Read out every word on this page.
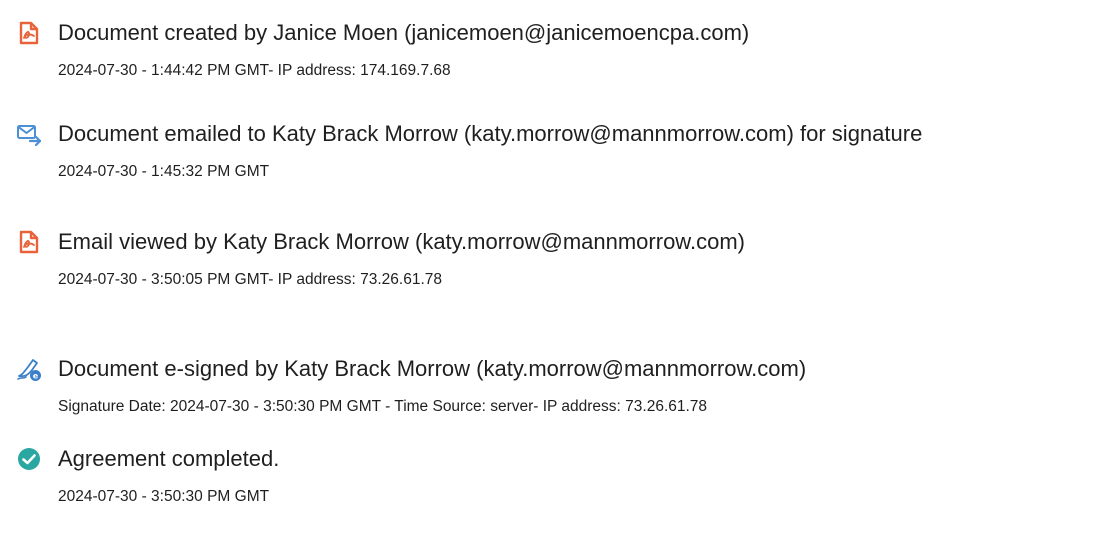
Document created by Janice Moen (janicemoen@janicemoencpa.com)
2024-07-30 - 1:44:42 PM GMT- IP address: 174.169.7.68
Document emailed to Katy Brack Morrow (katy.morrow@mannmorrow.com) for signature
2024-07-30 - 1:45:32 PM GMT
Email viewed by Katy Brack Morrow (katy.morrow@mannmorrow.com)
2024-07-30 - 3:50:05 PM GMT- IP address: 73.26.61.78
e Document e-signed by Katy Brack Morrow (katy.morrow@mannmorrow.com)
Signature Date: 2024-07-30 - 3:50:30 PM GMT - Time Source: server- IP address: 73.26.61.78
Agreement completed.
2024-07-30 - 3:50:30 PM GMT
